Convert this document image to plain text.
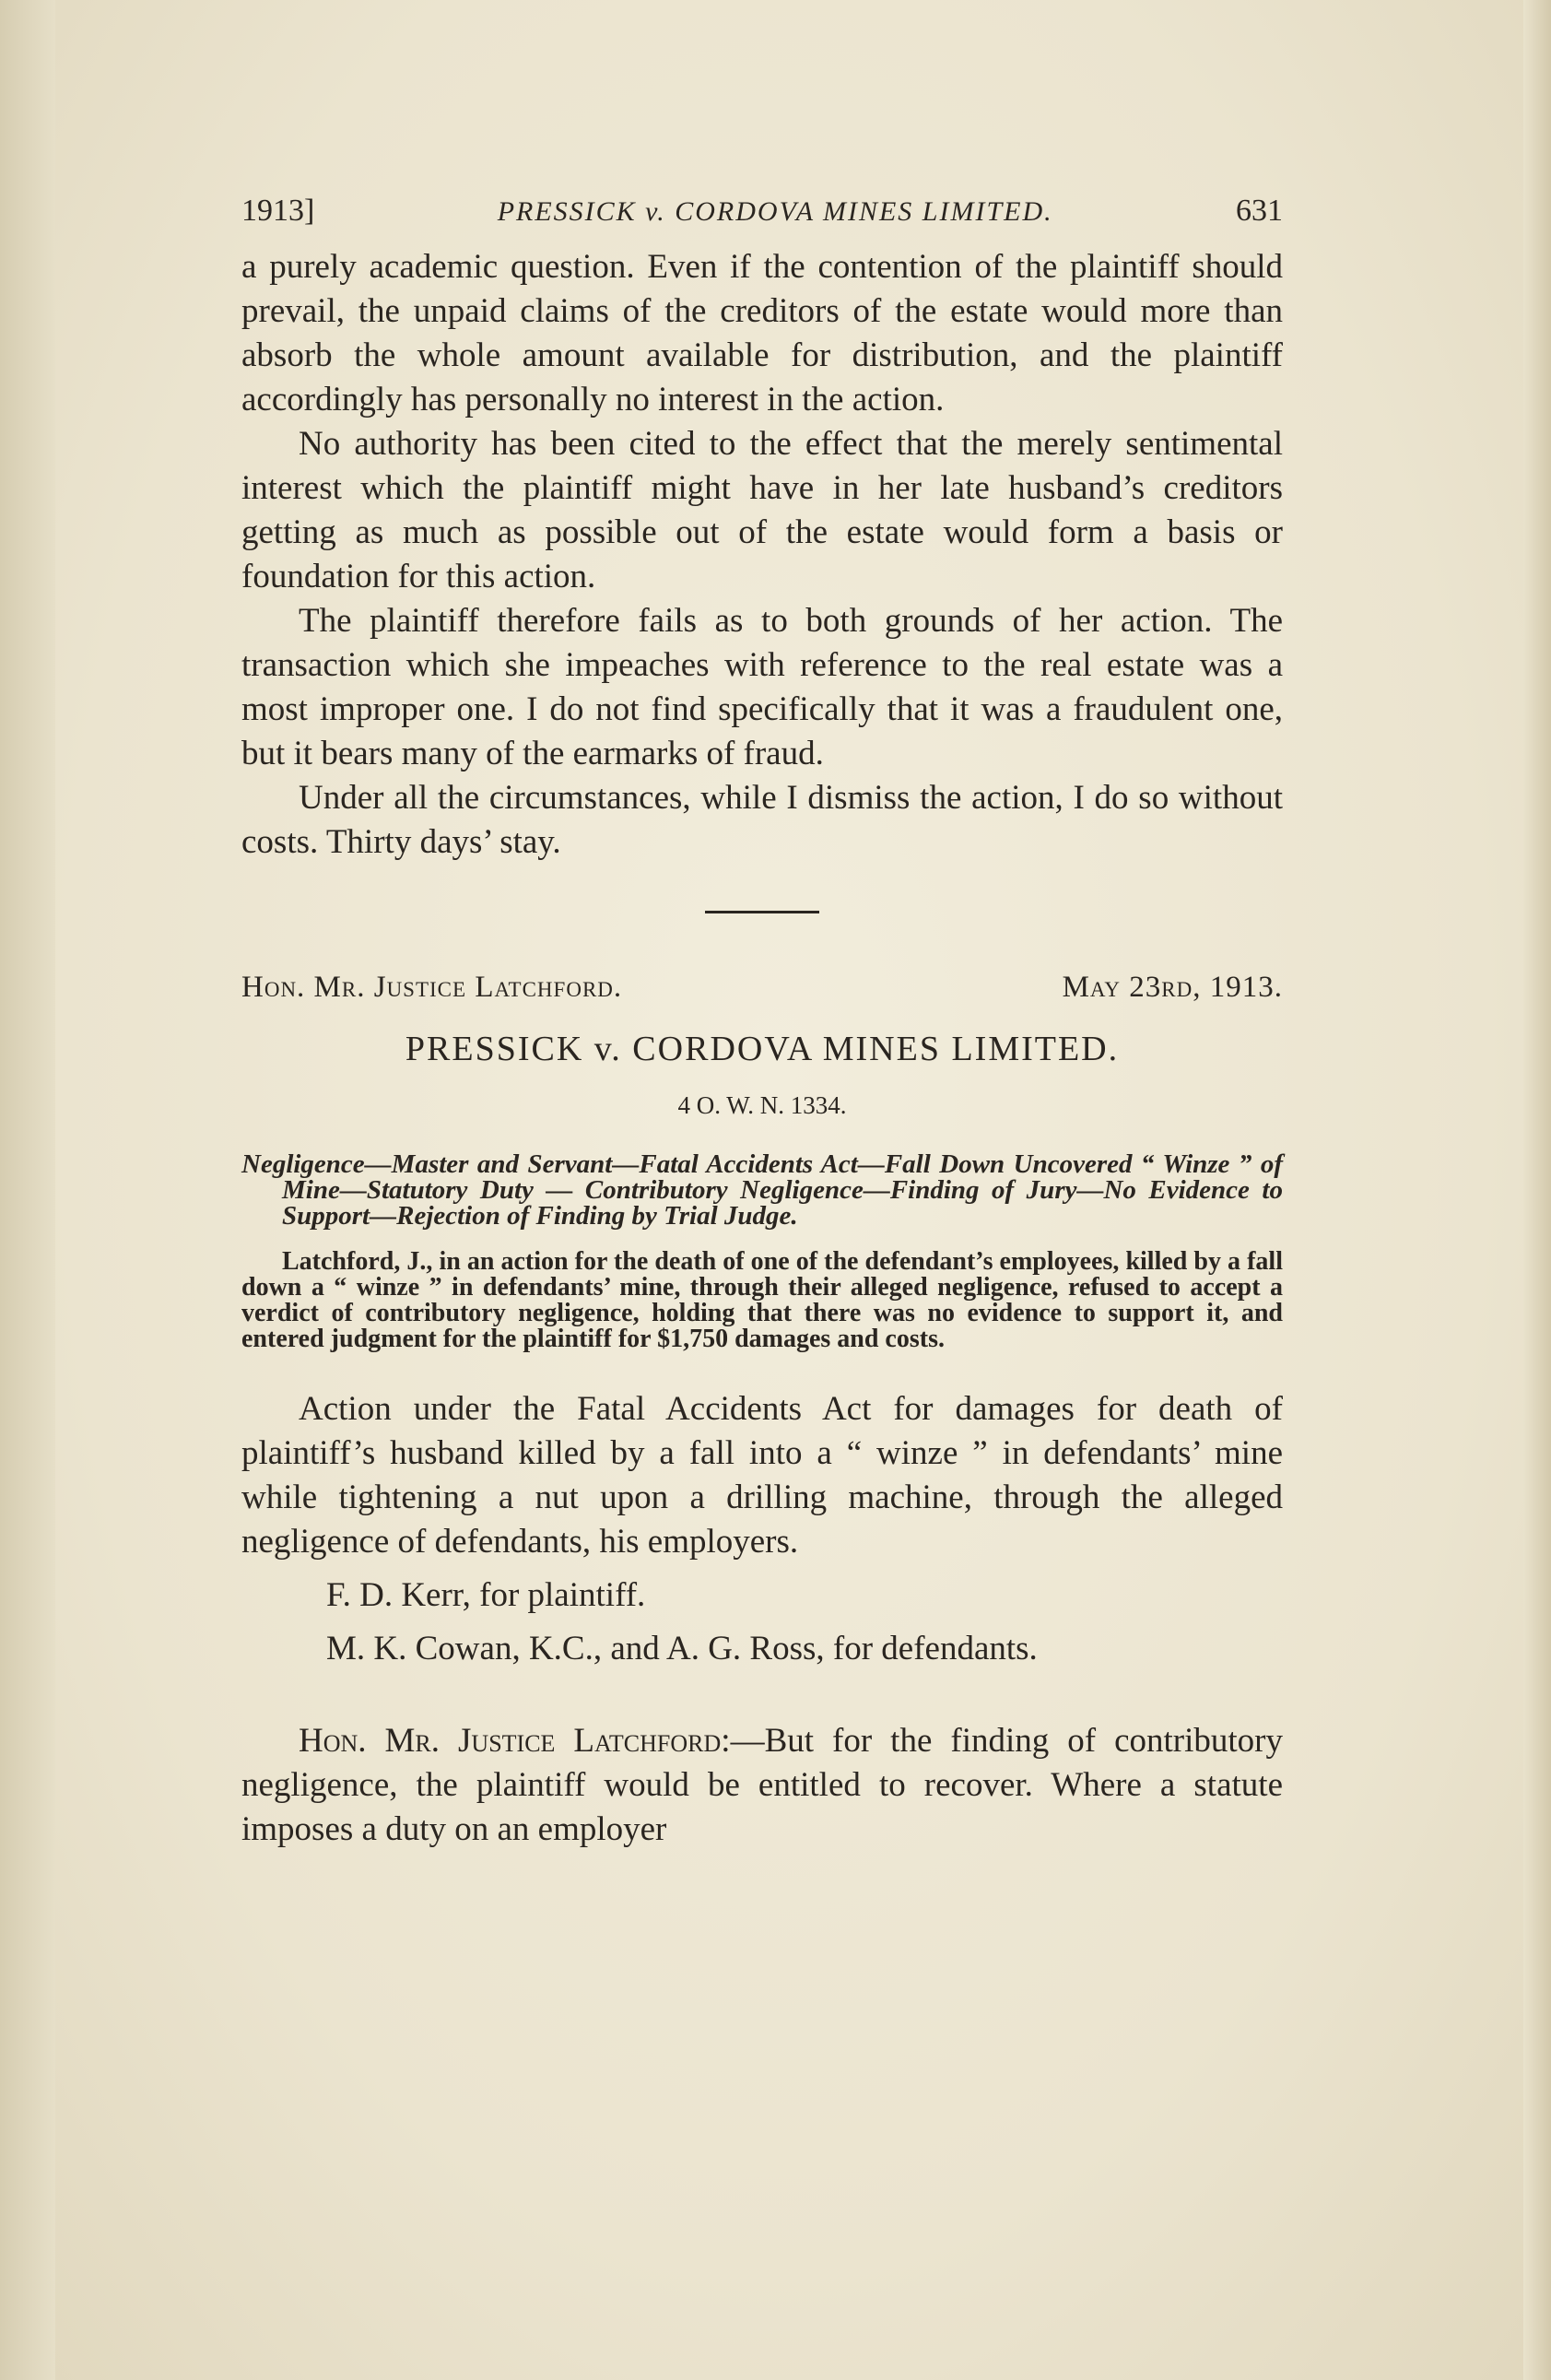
1913]	PRESSICK v. CORDOVA MINES LIMITED.	631

a purely academic question. Even if the contention of the plaintiff should prevail, the unpaid claims of the creditors of the estate would more than absorb the whole amount available for distribution, and the plaintiff accordingly has personally no interest in the action.

No authority has been cited to the effect that the merely sentimental interest which the plaintiff might have in her late husband’s creditors getting as much as possible out of the estate would form a basis or foundation for this action.

The plaintiff therefore fails as to both grounds of her action. The transaction which she impeaches with reference to the real estate was a most improper one. I do not find specifically that it was a fraudulent one, but it bears many of the earmarks of fraud.

Under all the circumstances, while I dismiss the action, I do so without costs. Thirty days’ stay.

Hon. Mr. Justice Latchford.	May 23rd, 1913.
PRESSICK v. CORDOVA MINES LIMITED.
4 O. W. N. 1334.

Negligence—Master and Servant—Fatal Accidents Act—Fall Down Uncovered “ Winze ” of Mine—Statutory Duty — Contributory Negligence—Finding of Jury—No Evidence to Support—Rejection of Finding by Trial Judge.

Latchford, J., in an action for the death of one of the defendant’s employees, killed by a fall down a “ winze ” in defendants’ mine, through their alleged negligence, refused to accept a verdict of contributory negligence, holding that there was no evidence to support it, and entered judgment for the plaintiff for $1,750 damages and costs.

Action under the Fatal Accidents Act for damages for death of plaintiff’s husband killed by a fall into a “ winze ” in defendants’ mine while tightening a nut upon a drilling machine, through the alleged negligence of defendants, his employers.

F. D. Kerr, for plaintiff.

M. K. Cowan, K.C., and A. G. Ross, for defendants.

Hon. Mr. Justice Latchford:—But for the finding of contributory negligence, the plaintiff would be entitled to recover. Where a statute imposes a duty on an employer
